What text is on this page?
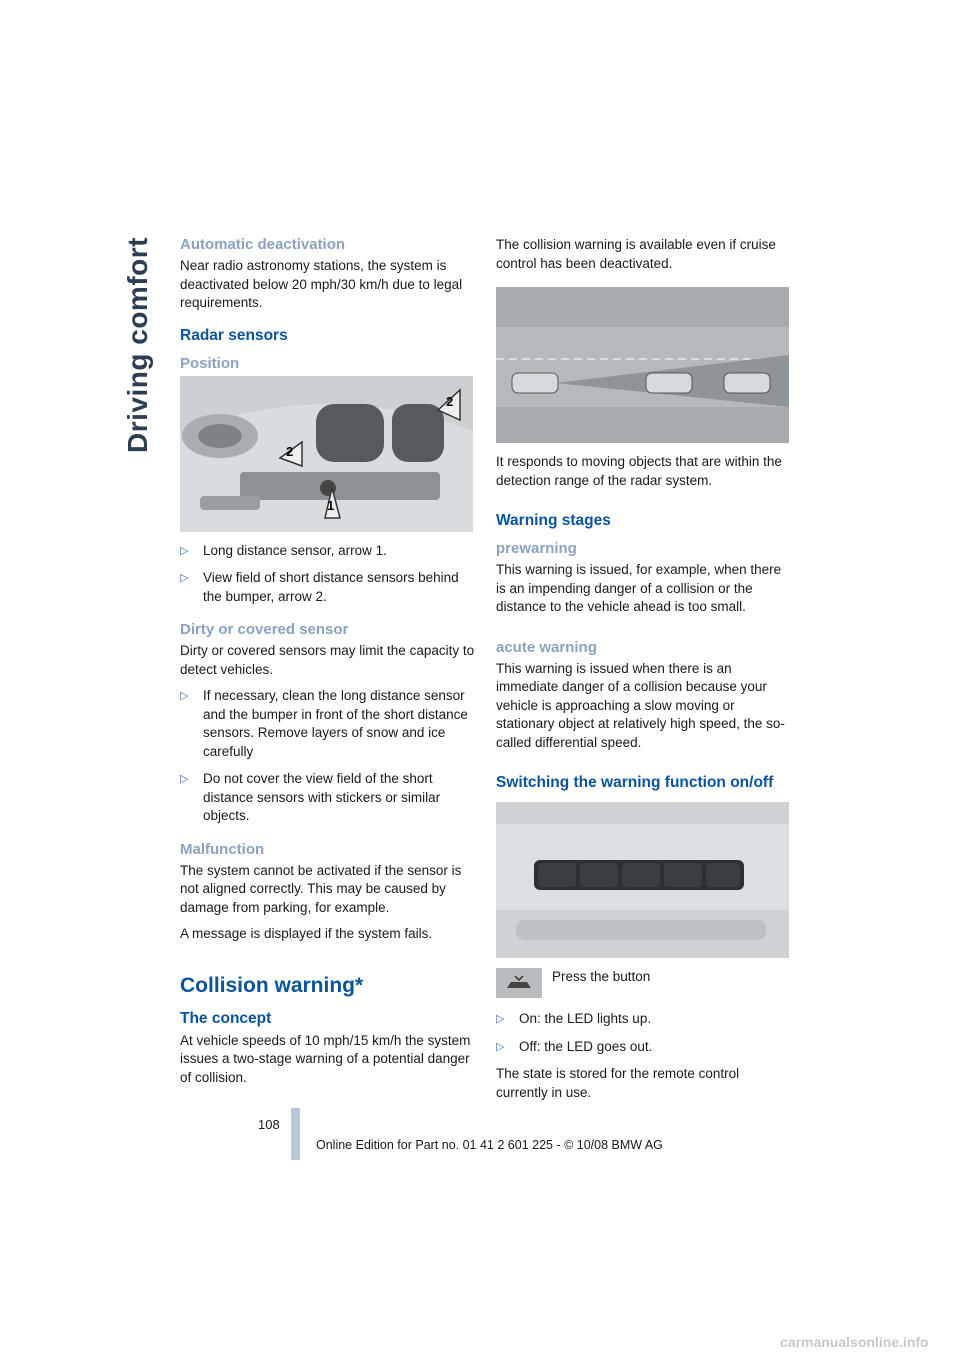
Driving comfort Automatic deactivation

Near radio astronomy stations, the system is deactivated below 20 mph/30 km/h due to legal requirements.

Radar sensors
Position
1
2
2
▷ Long distance sensor, arrow 1.
▷ View field of short distance sensors behind the bumper, arrow 2.
Dirty or covered sensor

Dirty or covered sensors may limit the capacity to detect vehicles.

▷ If necessary, clean the long distance sensor and the bumper in front of the short distance sensors. Remove layers of snow and ice carefully
▷ Do not cover the view field of the short distance sensors with stickers or similar objects.
Malfunction

The system cannot be activated if the sensor is not aligned correctly. This may be caused by damage from parking, for example.

A message is displayed if the system fails.

Collision warning*
The concept

At vehicle speeds of 10 mph/15 km/h the system issues a two-stage warning of a potential danger of collision.

The collision warning is available even if cruise control has been deactivated.

It responds to moving objects that are within the detection range of the radar system.

Warning stages
prewarning

This warning is issued, for example, when there is an impending danger of a collision or the distance to the vehicle ahead is too small.

acute warning

This warning is issued when there is an immediate danger of a collision because your vehicle is approaching a slow moving or stationary object at relatively high speed, the so-called differential speed.

Switching the warning function on/off

Press the button

▷ On: the LED lights up.
▷ Off: the LED goes out.

The state is stored for the remote control currently in use.

108
Online Edition for Part no. 01 41 2 601 225 - © 10/08 BMW AG
carmanualsonline.info
